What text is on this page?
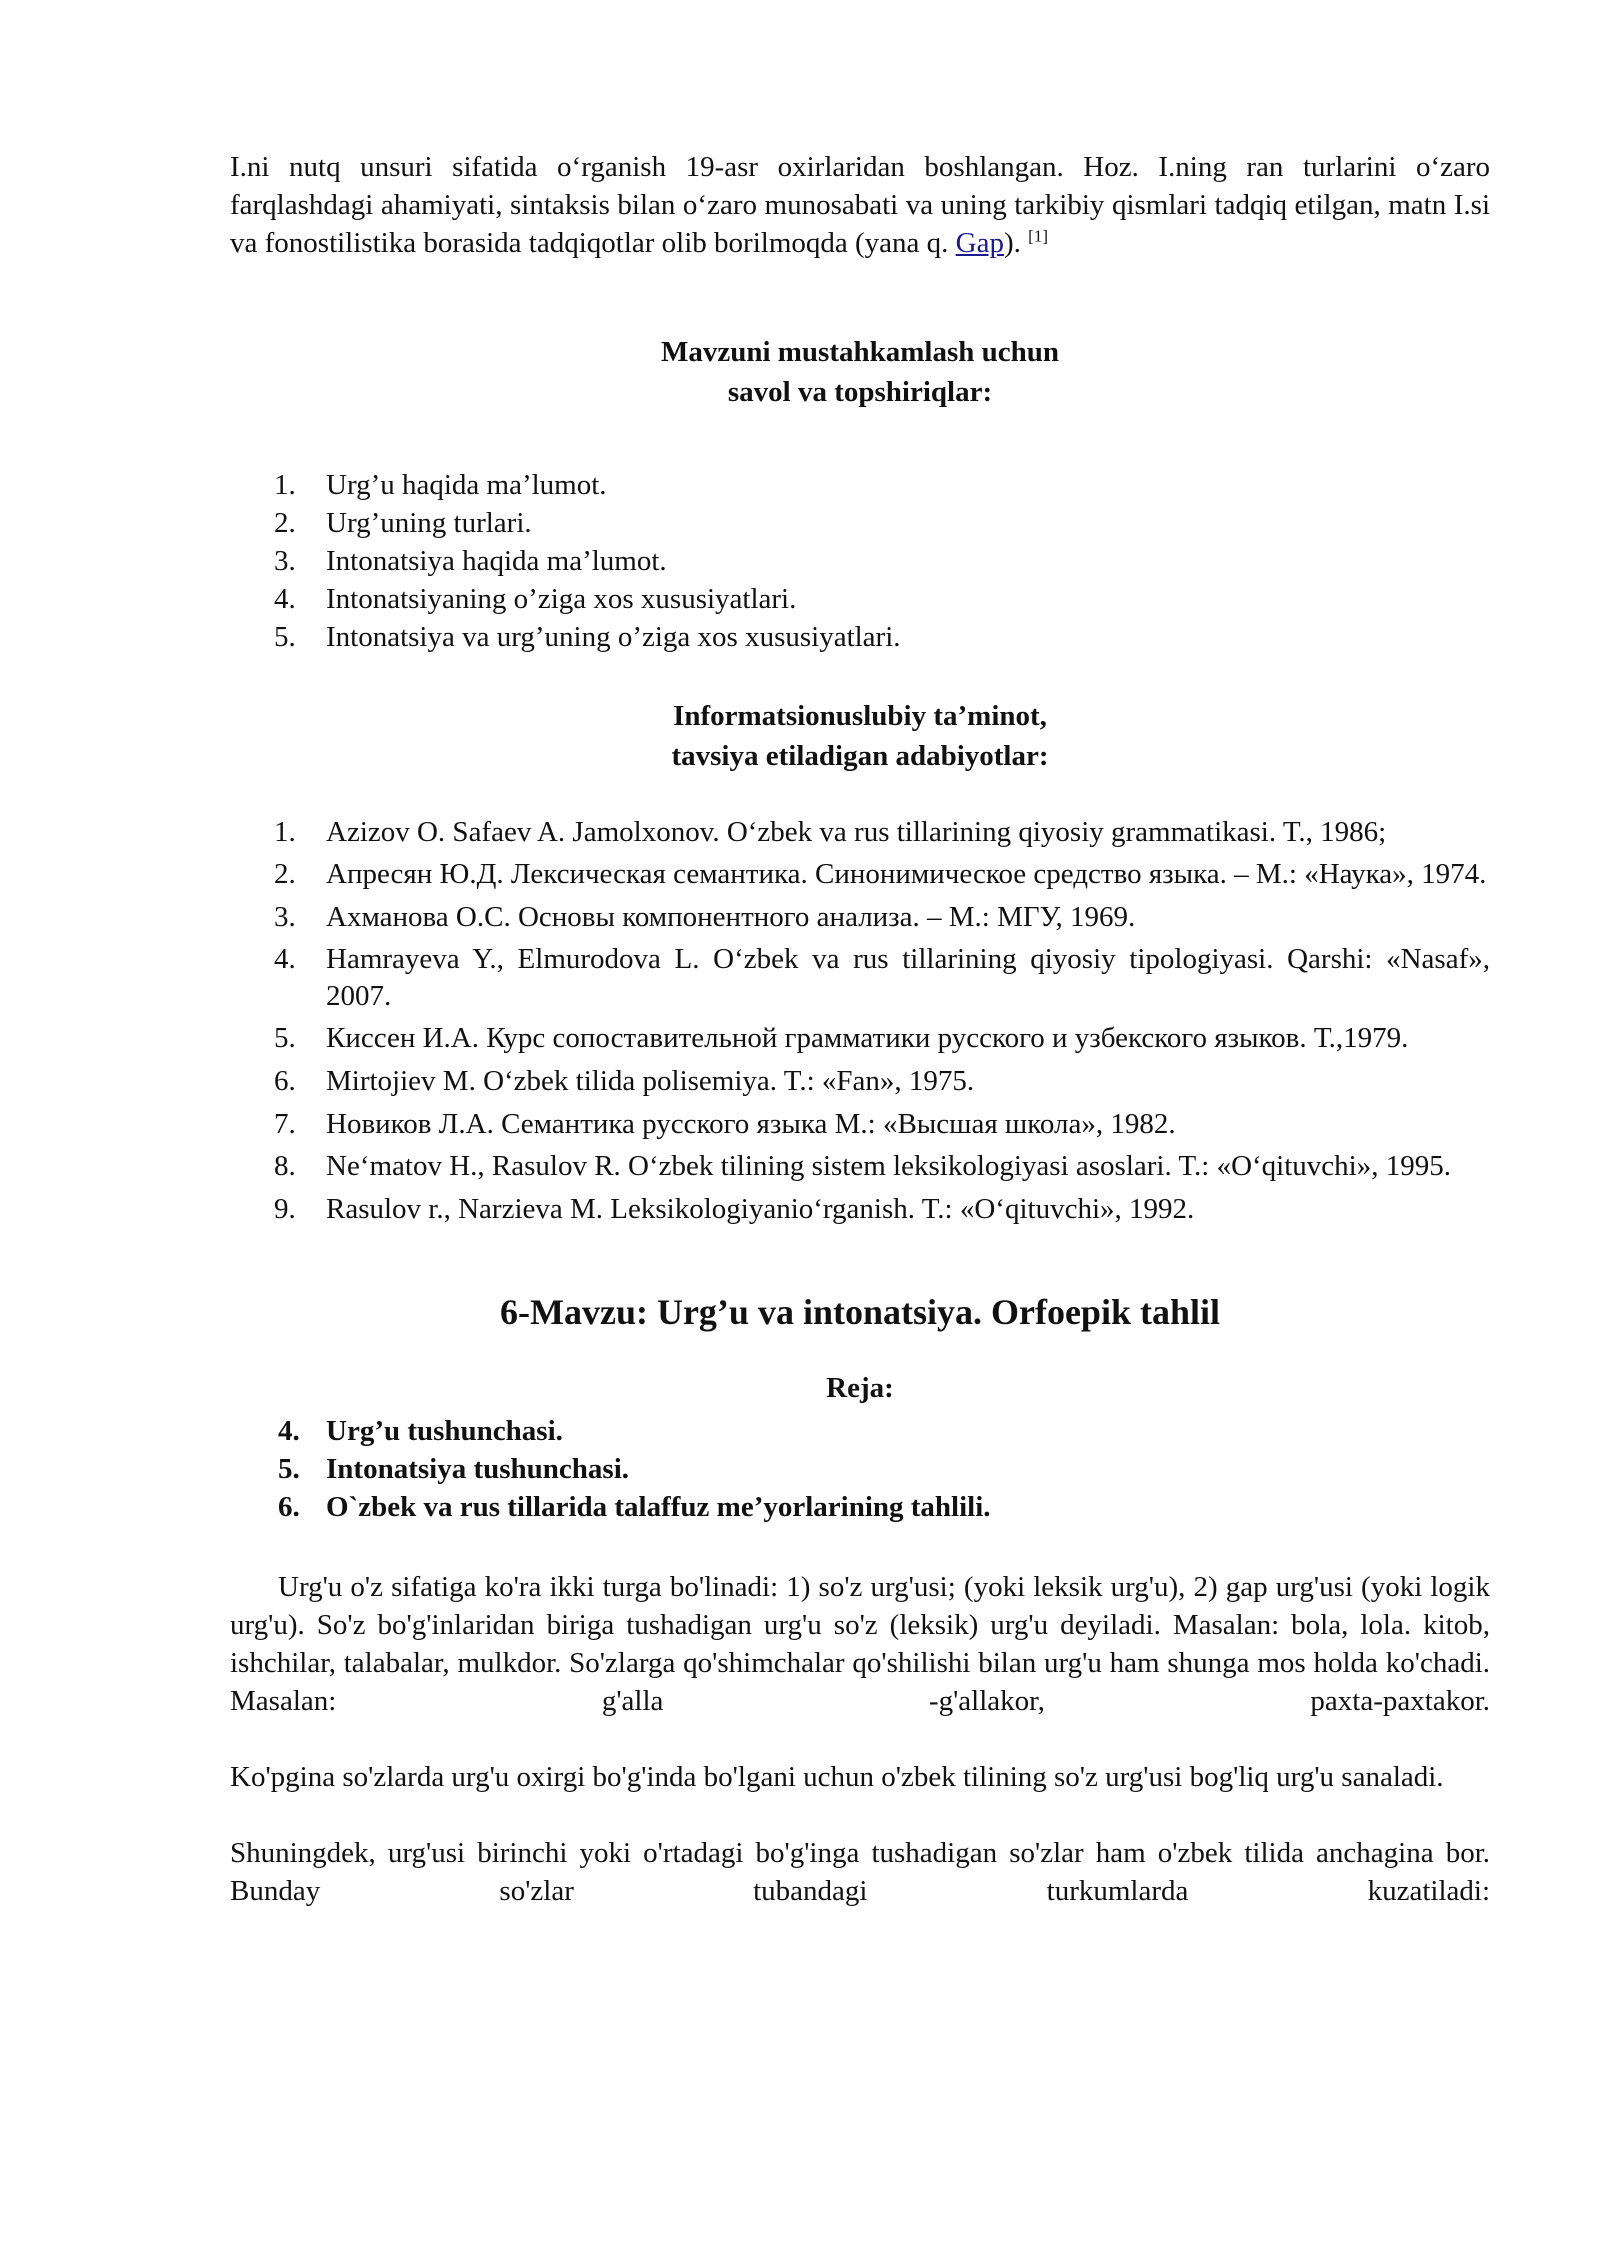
I.ni nutq unsuri sifatida o‘rganish 19-asr oxirlaridan boshlangan. Hoz. I.ning ran turlarini o‘zaro farqlashdagi ahamiyati, sintaksis bilan o‘zaro munosabati va uning tarkibiy qismlari tadqiq etilgan, matn I.si va fonostilistika borasida tadqiqotlar olib borilmoqda (yana q. Gap). [1]

Mavzuni mustahkamlash uchun

savol va topshiriqlar:

1.	Urg’u haqida ma’lumot.
2.	Urg’uning turlari.
3.	Intonatsiya haqida ma’lumot.
4.	Intonatsiyaning o’ziga xos xususiyatlari.
5.	Intonatsiya va urg’uning o’ziga xos xususiyatlari.

Informatsionuslubiy ta’minot,

tavsiya etiladigan adabiyotlar:

1.	Azizov O. Safaev A. Jamolxonov. O‘zbek va rus tillarining qiyosiy grammatikasi. T., 1986;
2.	Апресян Ю.Д. Лексическая семантика. Синонимическое средство языка. – М.: «Наука», 1974.
3.	Ахманова О.С. Основы компонентного анализа. – М.: МГУ, 1969.
4.	Hamrayeva Y., Elmurodova L. O‘zbek va rus tillarining qiyosiy tipologiyasi. Qarshi: «Nasaf», 2007.
5.	Киссен И.А. Курс сопоставительной грамматики русского и узбекского языков. Т.,1979.
6.	Mirtojiev M. O‘zbek tilida polisemiya. T.: «Fan», 1975.
7.	Новиков Л.А. Семантика русского языка М.: «Высшая школа», 1982.
8.	Ne‘matov H., Rasulov R. O‘zbek tilining sistem leksikologiyasi asoslari. T.: «O‘qituvchi», 1995.
9.	Rasulov r., Narzieva M. Leksikologiyanio‘rganish. T.: «O‘qituvchi», 1992.

6-Mavzu: Urg’u va intonatsiya. Orfoepik tahlil

Reja:

4. Urg’u tushunchasi.
5. Intonatsiya tushunchasi.
6. O`zbek va rus tillarida talaffuz me’yorlarining tahlili.

Urg'u o'z sifatiga ko'ra ikki turga bo'linadi: 1) so'z urg'usi; (yoki leksik urg'u), 2) gap urg'usi (yoki logik urg'u). So'z bo'g'inlaridan biriga tushadigan urg'u so'z (leksik) urg'u deyiladi. Masalan: bola, lola. kitob, ishchilar, talabalar, mulkdor. So'zlarga qo'shimchalar qo'shilishi bilan urg'u ham shunga mos holda ko'chadi. Masalan: g'alla -g'allakor, paxta-paxtakor.

Ko'pgina so'zlarda urg'u oxirgi bo'g'inda bo'lgani uchun o'zbek tilining so'z urg'usi bog'liq urg'u sanaladi.

Shuningdek, urg'usi birinchi yoki o'rtadagi bo'g'inga tushadigan so'zlar ham o'zbek tilida anchagina bor. Bunday so'zlar tubandagi turkumlarda kuzatiladi:
